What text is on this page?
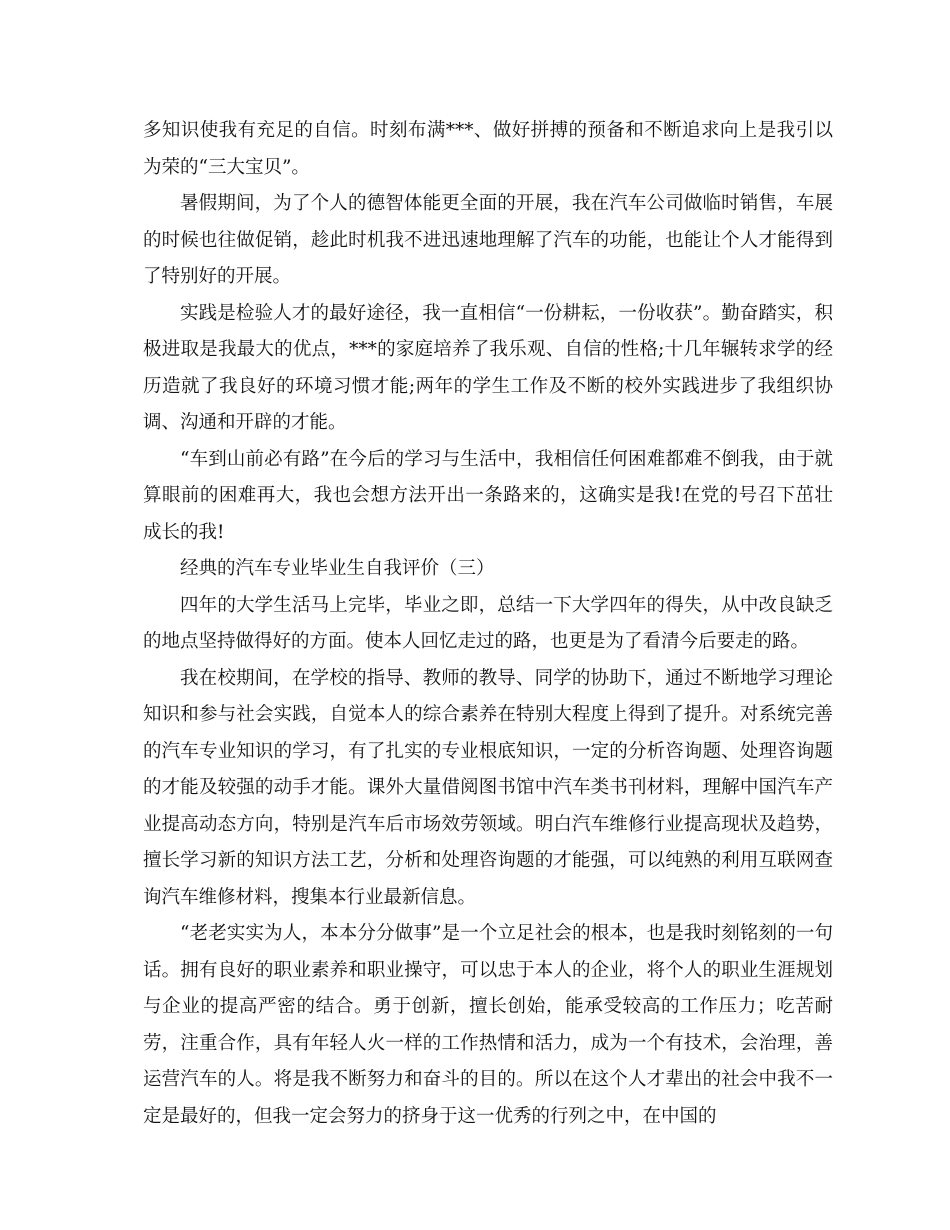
多知识使我有充足的自信。时刻布满***、做好拼搏的预备和不断追求向上是我引以为荣的“三大宝贝”。

暑假期间，为了个人的德智体能更全面的开展，我在汽车公司做临时销售，车展的时候也往做促销，趁此时机我不进迅速地理解了汽车的功能，也能让个人才能得到了特别好的开展。

实践是检验人才的最好途径，我一直相信“一份耕耘，一份收获”。勤奋踏实，积极进取是我最大的优点，***的家庭培养了我乐观、自信的性格;十几年辗转求学的经历造就了我良好的环境习惯才能;两年的学生工作及不断的校外实践进步了我组织协调、沟通和开辟的才能。

“车到山前必有路”在今后的学习与生活中，我相信任何困难都难不倒我，由于就算眼前的困难再大，我也会想方法开出一条路来的，这确实是我!在党的号召下茁壮成长的我!

经典的汽车专业毕业生自我评价（三）

四年的大学生活马上完毕，毕业之即，总结一下大学四年的得失，从中改良缺乏的地点坚持做得好的方面。使本人回忆走过的路，也更是为了看清今后要走的路。

我在校期间，在学校的指导、教师的教导、同学的协助下，通过不断地学习理论知识和参与社会实践，自觉本人的综合素养在特别大程度上得到了提升。对系统完善的汽车专业知识的学习，有了扎实的专业根底知识，一定的分析咨询题、处理咨询题的才能及较强的动手才能。课外大量借阅图书馆中汽车类书刊材料，理解中国汽车产业提高动态方向，特别是汽车后市场效劳领域。明白汽车维修行业提高现状及趋势，擅长学习新的知识方法工艺，分析和处理咨询题的才能强，可以纯熟的利用互联网查询汽车维修材料，搜集本行业最新信息。

“老老实实为人，本本分分做事”是一个立足社会的根本，也是我时刻铭刻的一句话。拥有良好的职业素养和职业操守，可以忠于本人的企业，将个人的职业生涯规划与企业的提高严密的结合。勇于创新，擅长创始，能承受较高的工作压力；吃苦耐劳，注重合作，具有年轻人火一样的工作热情和活力，成为一个有技术，会治理，善运营汽车的人。将是我不断努力和奋斗的目的。所以在这个人才辈出的社会中我不一定是最好的，但我一定会努力的挤身于这一优秀的行列之中，在中国的
